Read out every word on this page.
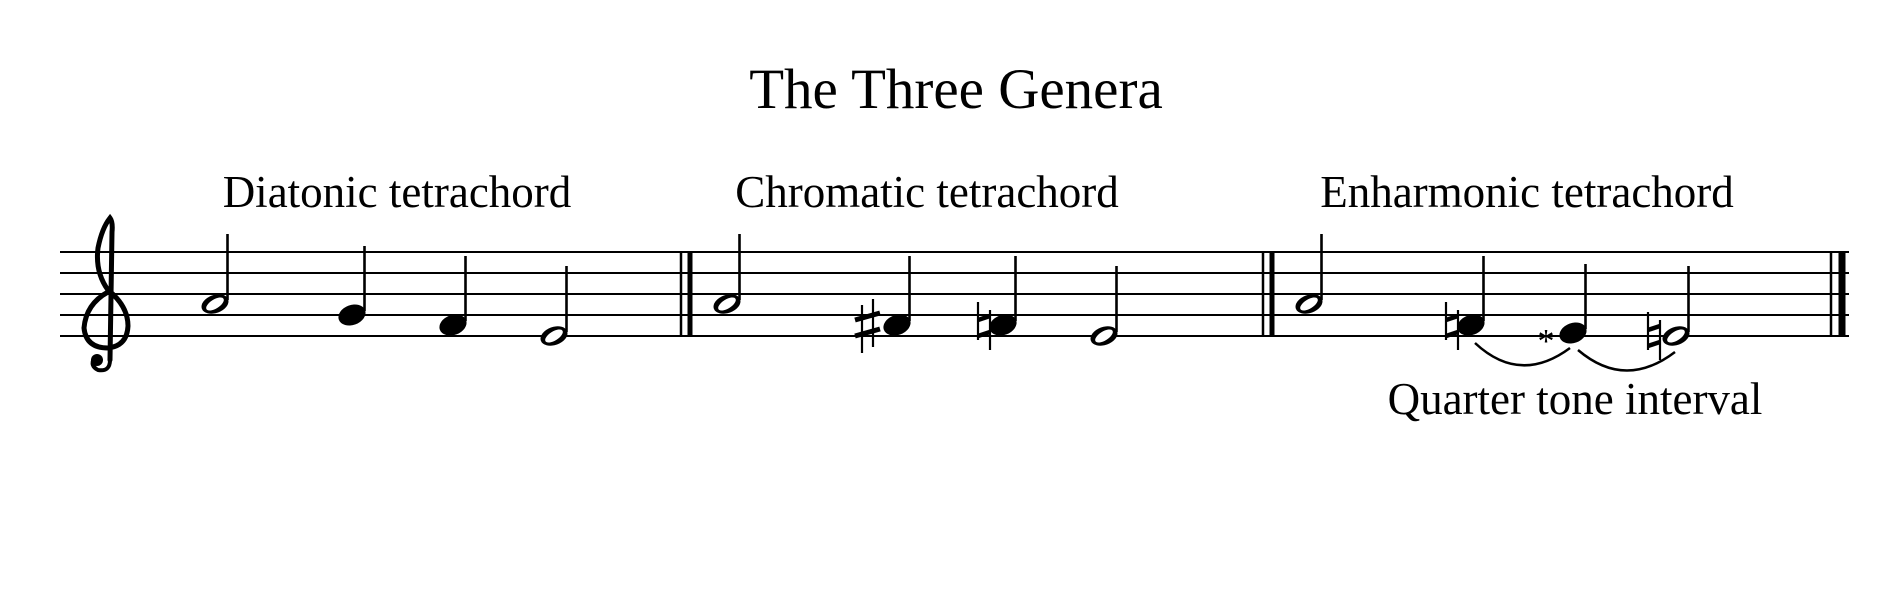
The Three Genera
Diatonic tetrachord	Chromatic tetrachord	Enharmonic tetrachord
*
Quarter tone interval
